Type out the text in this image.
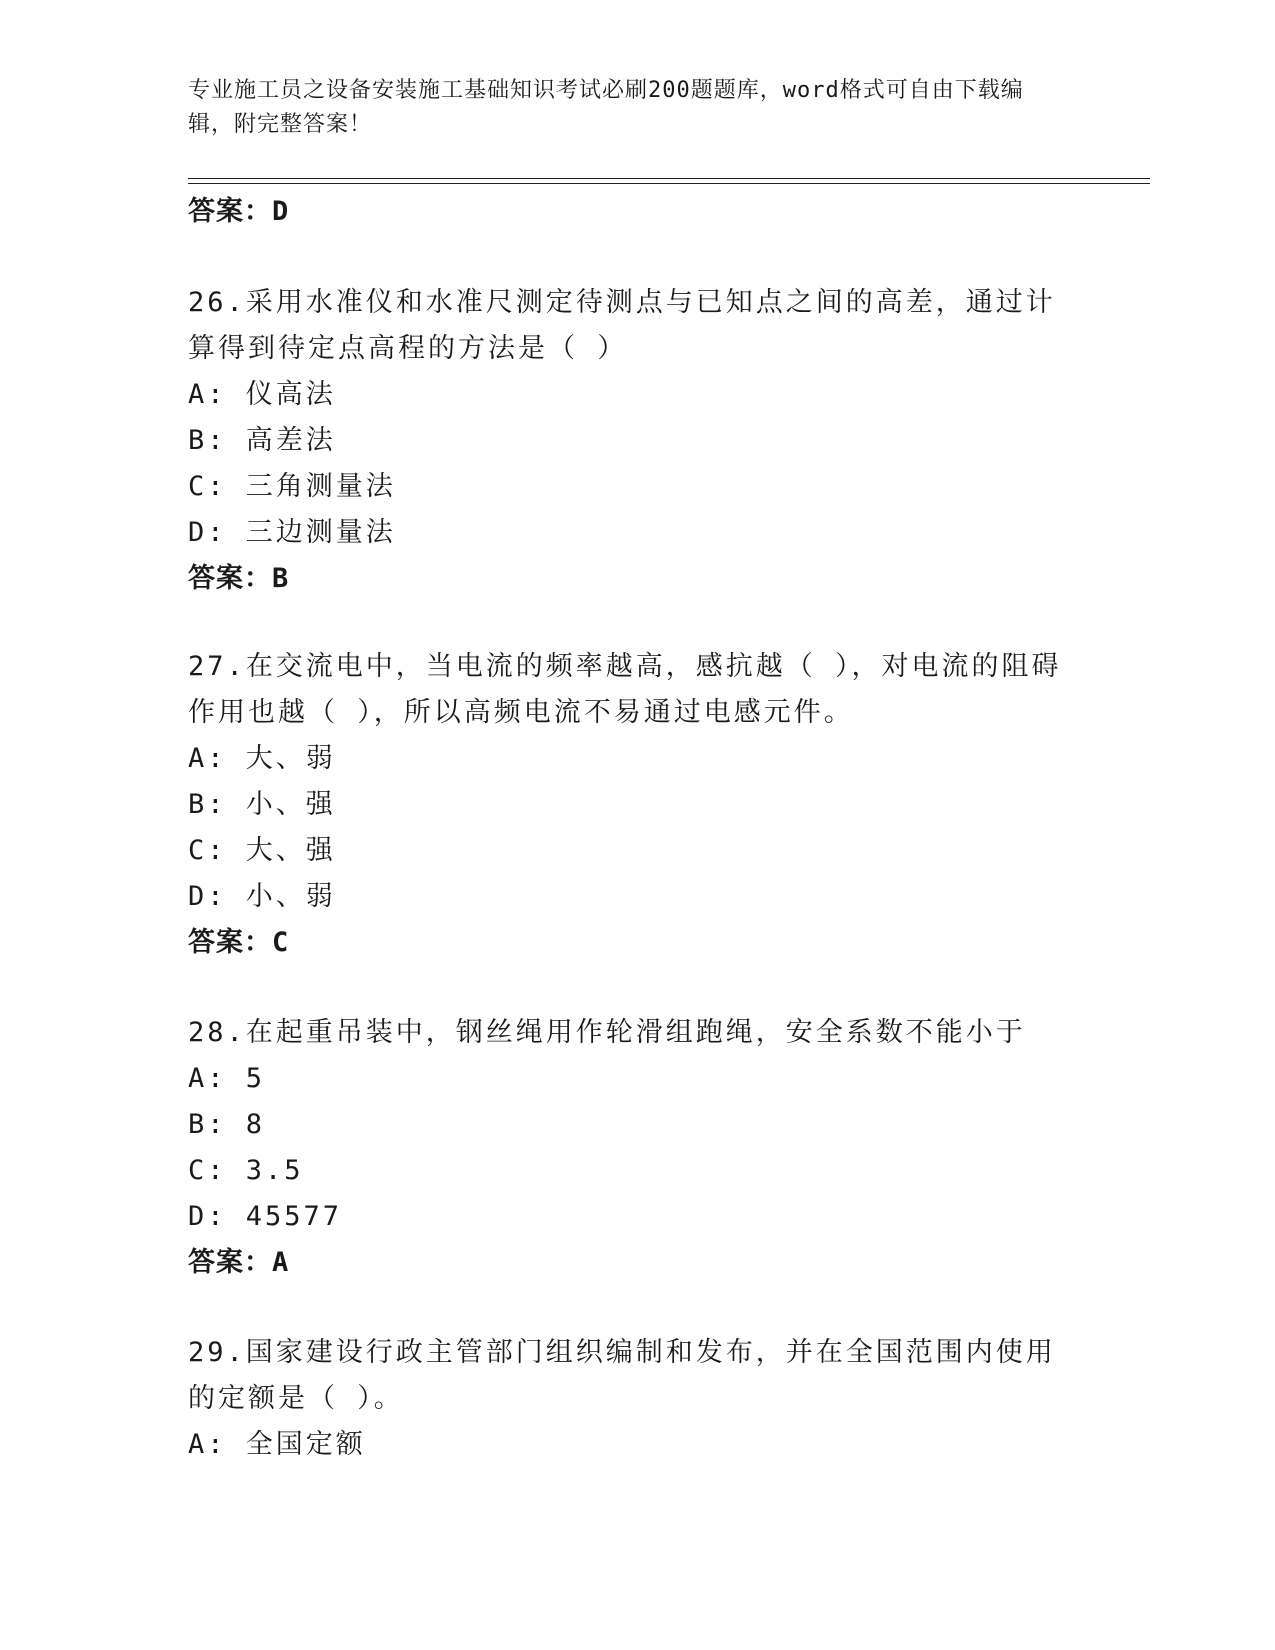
专业施工员之设备安装施工基础知识考试必刷200题题库，word格式可自由下载编辑，附完整答案！
答案：D
26.采用水准仪和水准尺测定待测点与已知点之间的高差，通过计算得到待定点高程的方法是（ ）
A: 仪高法
B: 高差法
C: 三角测量法
D: 三边测量法
答案：B
27.在交流电中，当电流的频率越高，感抗越（ ），对电流的阻碍作用也越（ ），所以高频电流不易通过电感元件。
A: 大、弱
B: 小、强
C: 大、强
D: 小、弱
答案：C
28.在起重吊装中，钢丝绳用作轮滑组跑绳，安全系数不能小于
A: 5
B: 8
C: 3.5
D: 45577
答案：A
29.国家建设行政主管部门组织编制和发布，并在全国范围内使用的定额是（ ）。
A: 全国定额
